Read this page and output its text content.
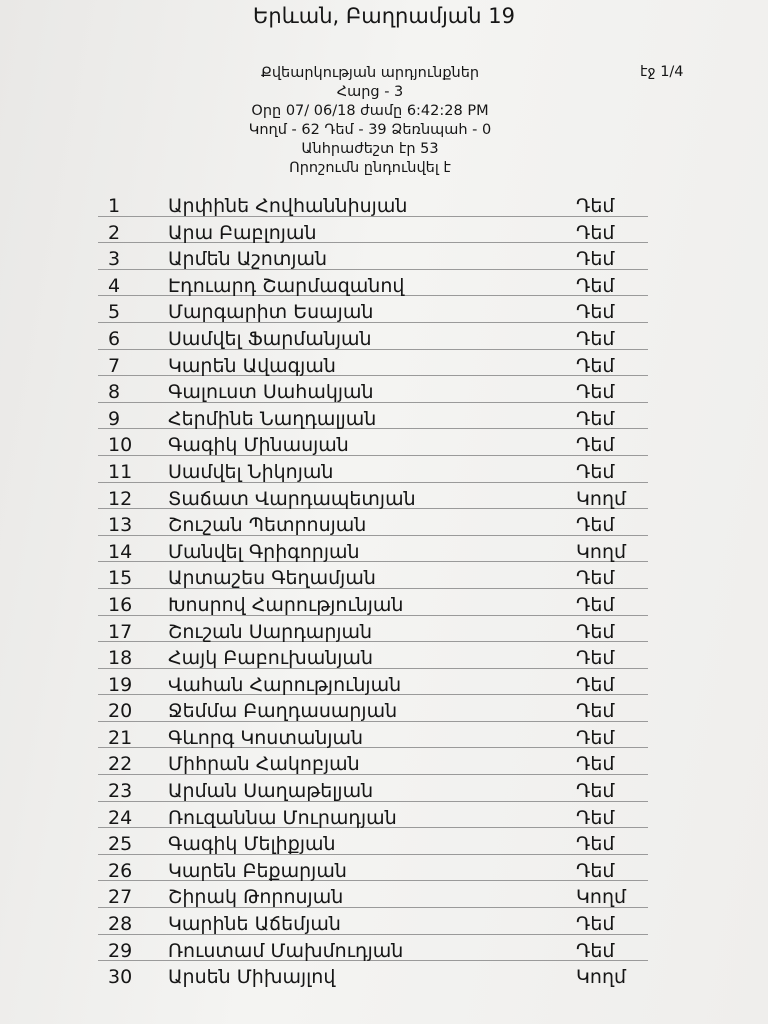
Երևան, Բաղրամյան 19
Քվեարկության արդյունքներ
Հարց - 3
Օրը 07/ 06/18 ժամը 6:42:28 PM
Կողմ - 62 Դեմ - 39 Ձեռնպահ - 0
Անհրաժեշտ էր 53
Որոշումն ընդունվել է
էջ 1/4
1	Արփինե Հովհաննիսյան	Դեմ
2	Արա Բաբլոյան	Դեմ
3	Արմեն Աշոտյան	Դեմ
4	Էդուարդ Շարմազանով	Դեմ
5	Մարգարիտ Եսայան	Դեմ
6	Սամվել Ֆարմանյան	Դեմ
7	Կարեն Ավագյան	Դեմ
8	Գալուստ Սահակյան	Դեմ
9	Հերմինե Նաղդալյան	Դեմ
10 Գագիկ Մինասյան	Դեմ
11 Սամվել Նիկոյան	Դեմ
12 Տաճատ Վարդապետյան	Կողմ
13 Շուշան Պետրոսյան	Դեմ
14 Մանվել Գրիգորյան	Կողմ
15 Արտաշես Գեղամյան	Դեմ
16 Խոսրով Հարությունյան	Դեմ
17 Շուշան Սարդարյան	Դեմ
18 Հայկ Բաբուխանյան	Դեմ
19 Վահան Հարությունյան	Դեմ
20 Ջեմմա Բաղդասարյան	Դեմ
21 Գևորգ Կոստանյան	Դեմ
22 Միհրան Հակոբյան	Դեմ
23 Արման Սաղաթելյան	Դեմ
24 Ռուզաննա Մուրադյան	Դեմ
25 Գագիկ Մելիքյան	Դեմ
26 Կարեն Բեքարյան	Դեմ
27 Շիրակ Թորոսյան	Կողմ
28 Կարինե Աճեմյան	Դեմ
29 Ռուստամ Մախմուդյան	Դեմ
30 Արսեն Միխայլով	Կողմ
